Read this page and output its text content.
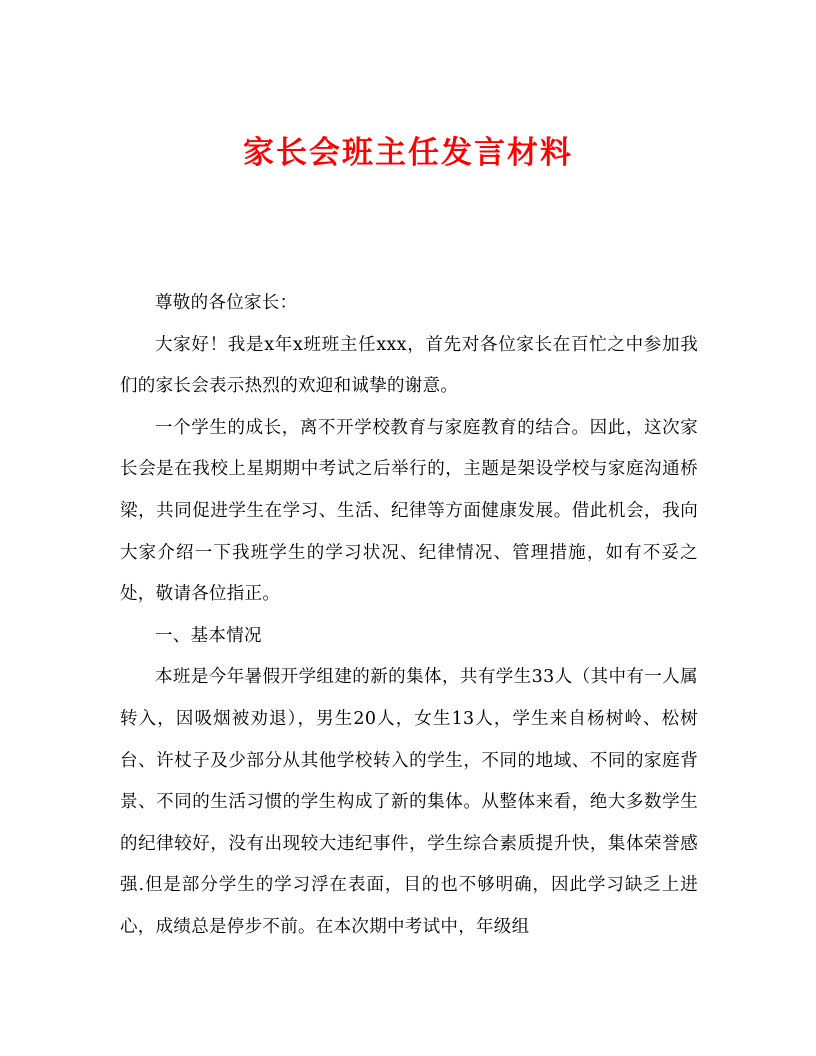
家长会班主任发言材料

尊敬的各位家长：

大家好！我是x年x班班主任xxx，首先对各位家长在百忙之中参加我们的家长会表示热烈的欢迎和诚挚的谢意。

一个学生的成长，离不开学校教育与家庭教育的结合。因此，这次家长会是在我校上星期期中考试之后举行的，主题是架设学校与家庭沟通桥梁，共同促进学生在学习、生活、纪律等方面健康发展。借此机会，我向大家介绍一下我班学生的学习状况、纪律情况、管理措施，如有不妥之处，敬请各位指正。

一、基本情况

本班是今年暑假开学组建的新的集体，共有学生33人（其中有一人属转入，因吸烟被劝退），男生20人，女生13人，学生来自杨树岭、松树台、许杖子及少部分从其他学校转入的学生，不同的地域、不同的家庭背景、不同的生活习惯的学生构成了新的集体。从整体来看，绝大多数学生的纪律较好，没有出现较大违纪事件，学生综合素质提升快，集体荣誉感强.但是部分学生的学习浮在表面，目的也不够明确，因此学习缺乏上进心，成绩总是停步不前。在本次期中考试中，年级组
